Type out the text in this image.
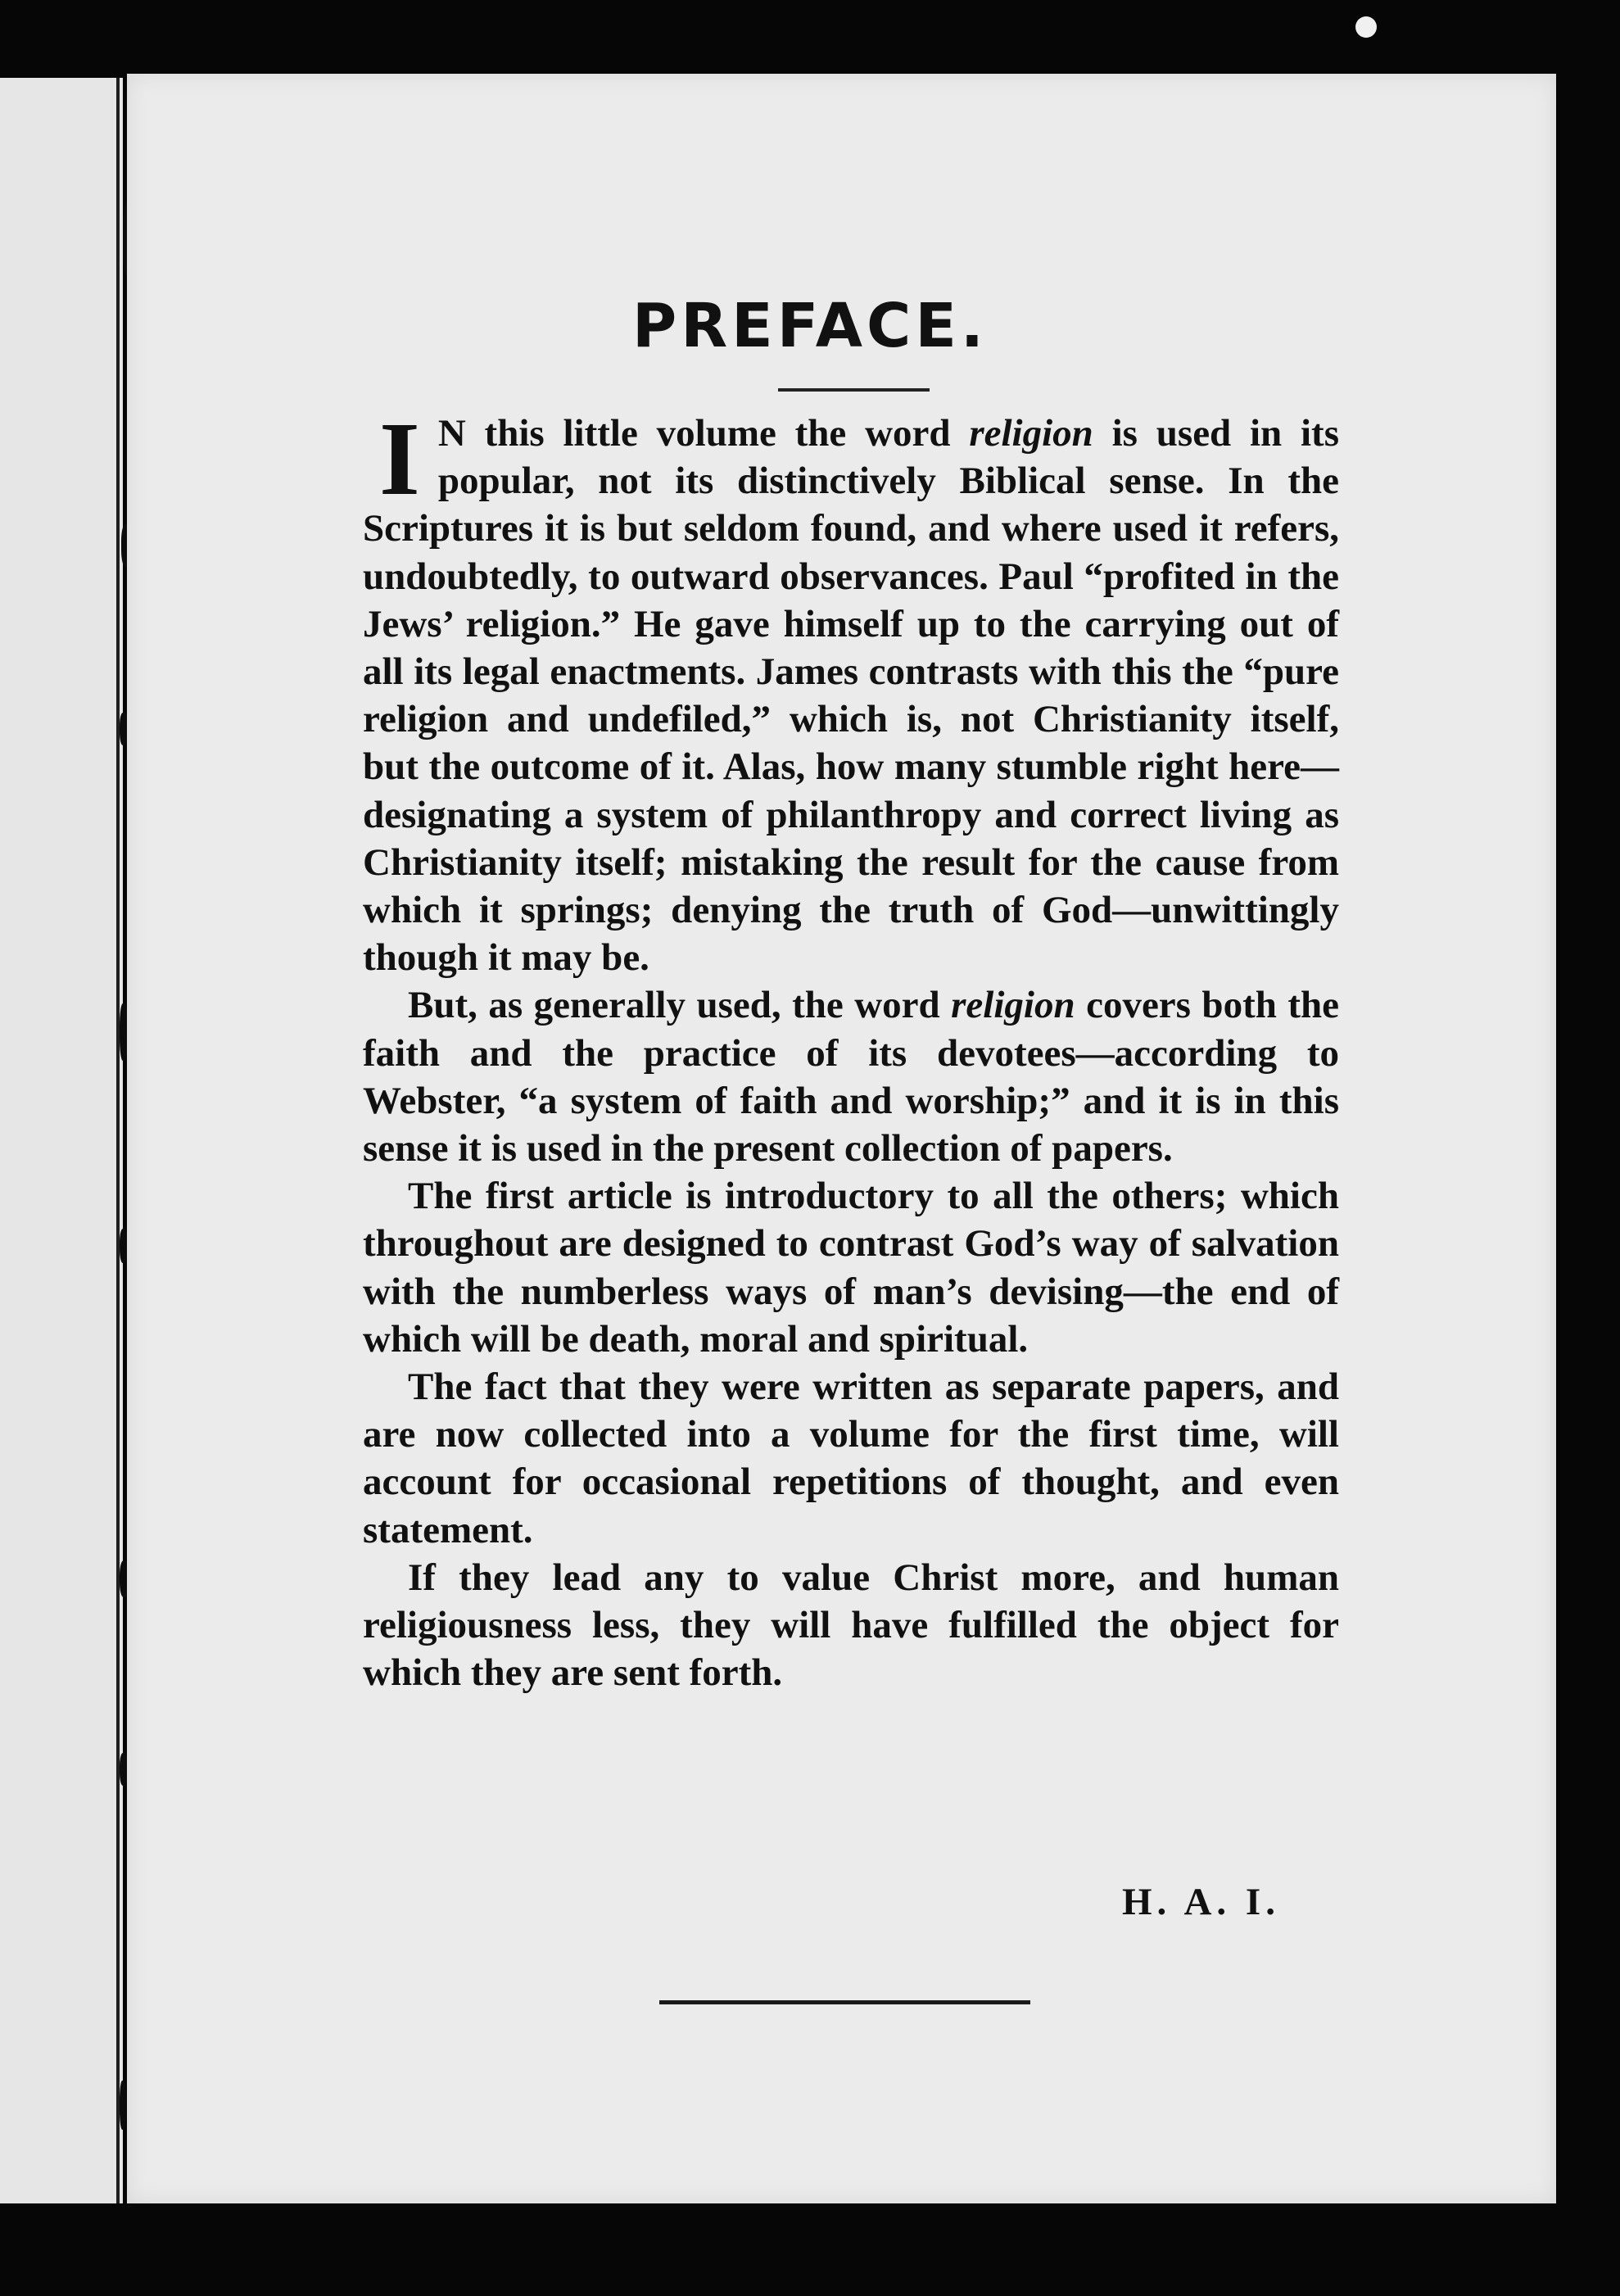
PREFACE.

I N this little volume the word religion is used in its popular, not its distinctively Biblical sense. In the Scriptures it is but seldom found, and where used it refers, undoubtedly, to outward observances. Paul “profited in the Jews’ religion.” He gave himself up to the carrying out of all its legal enactments. James contrasts with this the “pure religion and undefiled,” which is, not Christianity itself, but the outcome of it. Alas, how many stumble right here—designating a system of philanthropy and correct living as Christianity itself; mistaking the result for the cause from which it springs; denying the truth of God—unwittingly though it may be.

But, as generally used, the word religion covers both the faith and the practice of its devotees—according to Webster, “a system of faith and worship;” and it is in this sense it is used in the present collection of papers.

The first article is introductory to all the others; which throughout are designed to contrast God’s way of salvation with the numberless ways of man’s devising—the end of which will be death, moral and spiritual.

The fact that they were written as separate papers, and are now collected into a volume for the first time, will account for occasional repetitions of thought, and even statement.

If they lead any to value Christ more, and human religiousness less, they will have fulfilled the object for which they are sent forth.

H. A. I.
